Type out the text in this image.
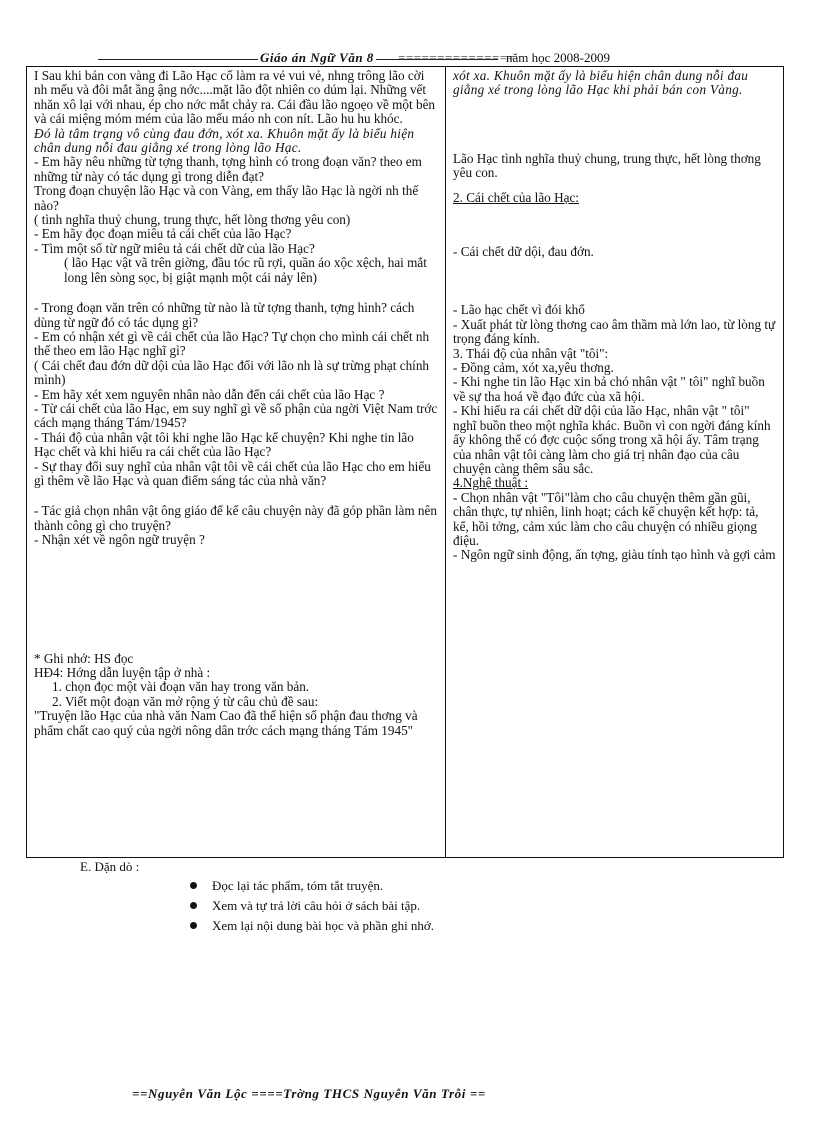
Giáo án Ngữ Văn 8 ===============
năm học 2008-2009

I Sau khi bán con vàng đi Lão Hạc cố làm ra vẻ vui vẻ, nhng trông lão cời nh mếu và đôi mắt ầng ậng nớc....mặt lão đột nhiên co dúm lại. Những vết nhăn xô lại với nhau, ép cho nớc mắt chảy ra. Cái đầu lão ngoẹo về một bên và cái miệng móm mém của lão mếu máo nh con nít. Lão hu hu khóc.

Đó là tâm trạng vô cùng đau đớn, xót xa. Khuôn mặt ấy là biểu hiện chân dung nỗi đau giằng xé trong lòng lão Hạc.

- Em hãy nêu những từ tợng thanh, tợng hình có trong đoạn văn? theo em những từ này có tác dụng gì trong diễn đạt?

Trong đoạn chuyện lão Hạc và con Vàng, em thấy lão Hạc là ngời nh thế nào?

( tình nghĩa thuỷ chung, trung thực, hết lòng thơng yêu con)

- Em hãy đọc đoạn miêu tả cái chết của lão Hạc?

- Tìm một số từ ngữ miêu tả cái chết dữ của lão Hạc?

( lão Hạc vật vã trên giờng, đầu tóc rũ rợi, quần áo xộc xệch, hai mắt long lên sòng sọc, bị giật mạnh một cái nảy lên)

- Trong đoạn văn trên có những từ nào là từ tợng thanh, tợng hình? cách dùng từ ngữ đó có tác dụng gì?

- Em có nhận xét gì về cái chết của lão Hạc? Tự chọn cho mình cái chết nh thế theo em lão Hạc nghĩ gì?

( Cái chết đau đớn dữ dội của lão Hạc đối với lão nh là sự trừng phạt chính mình)

- Em hãy xét xem nguyên nhân nào dẫn đến cái chết của lão Hạc ?

- Từ cái chết của lão Hạc, em suy nghĩ gì về số phận của ngời Việt Nam trớc cách mạng tháng Tám/1945?

- Thái độ của nhân vật tôi khi nghe lão Hạc kể chuyện? Khi nghe tin lão Hạc chết và khi hiểu ra cái chết của lão Hạc?

- Sự thay đổi suy nghĩ của nhân vật tôi về cái chết của lão Hạc cho em hiểu gì thêm về lão Hạc và quan điểm sáng tác của nhà văn?

- Tác giả chọn nhân vật ông giáo để kể câu chuyện này đã góp phần làm nên thành công gì cho truyện?

- Nhận xét về ngôn ngữ truyện ?

* Ghi nhớ: HS đọc

HĐ4: Hớng dẫn luyện tập ở nhà :

1. chọn đọc một vài đoạn văn hay trong văn bản.

2. Viết một đoạn văn mở rộng ý từ câu chủ đề sau:

"Truyện lão Hạc của nhà văn Nam Cao đã thể hiện số phận đau thơng và phẩm chất cao quý của ngời nông dân trớc cách mạng tháng Tám 1945"

xót xa. Khuôn mặt ấy là biểu hiện chân dung nỗi đau giằng xé trong lòng lão Hạc khi phải bán con Vàng.

Lão Hạc tình nghĩa thuỷ chung, trung thực, hết lòng thơng yêu con.

2. Cái chết của lão Hạc:

- Cái chết dữ dội, đau đớn.

- Lão hạc chết vì đói khổ

- Xuất phát từ lòng thơng cao âm thầm mà lớn lao, từ lòng tự trọng đáng kính.

3. Thái độ của nhân vật "tôi":

- Đồng cảm, xót xa,yêu thơng.

- Khi nghe tin lão Hạc xin bả chó nhân vật " tôi" nghĩ buồn về sự tha hoá về đạo đức của xã hội.

- Khi hiểu ra cái chết dữ dội của lão Hạc, nhân vật " tôi" nghĩ buồn theo một nghĩa khác. Buồn vì con ngời đáng kính ấy không thể có đợc cuộc sống trong xã hội ấy. Tâm trạng của nhân vật tôi càng làm cho giá trị nhân đạo của câu chuyện càng thêm sâu sắc.

4.Nghệ thuật :

- Chọn nhân vật "Tôi"làm cho câu chuyện thêm gần gũi, chân thực, tự nhiên, linh hoạt; cách kể chuyện kết hợp: tả, kể, hồi tởng, cảm xúc làm cho câu chuyện có nhiều giọng điệu.

- Ngôn ngữ sinh động, ấn tợng, giàu tính tạo hình và gợi cảm

E. Dặn dò :

Đọc lại tác phẩm, tóm tắt truyện.
Xem và tự trả lời câu hỏi ở sách bài tập.
Xem lại nội dung bài học và phần ghi nhớ.
==Nguyễn Văn Lộc ====Trờng THCS Nguyễn Văn Trỗi ==
